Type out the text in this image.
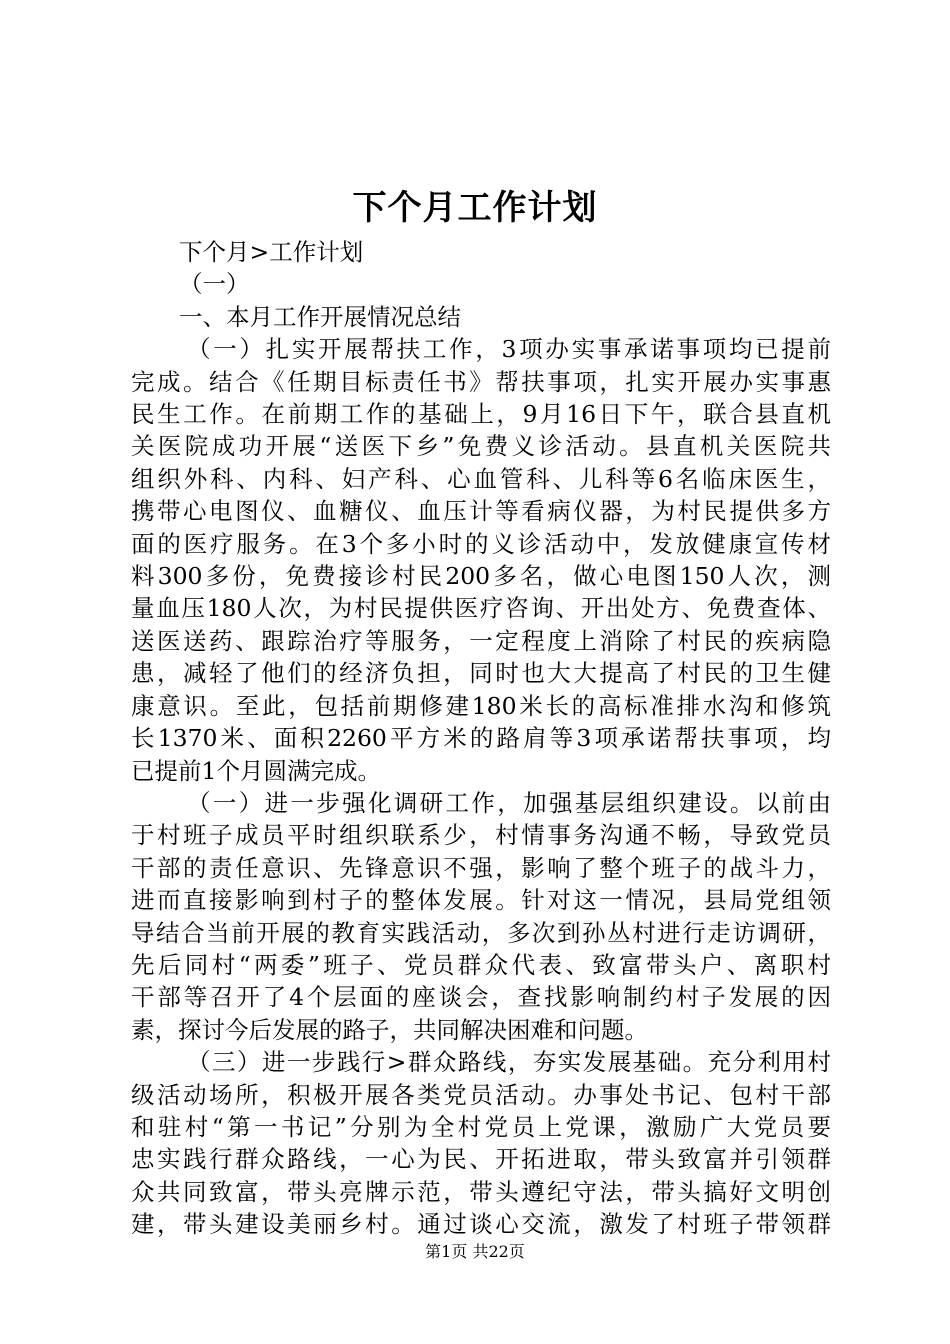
下个月工作计划
下个月>工作计划
（一）
一、本月工作开展情况总结
（一）扎实开展帮扶工作，3项办实事承诺事项均已提前
完成。结合《任期目标责任书》帮扶事项，扎实开展办实事惠
民生工作。在前期工作的基础上，9月16日下午，联合县直机
关医院成功开展“送医下乡”免费义诊活动。县直机关医院共
组织外科、内科、妇产科、心血管科、儿科等6名临床医生，
携带心电图仪、血糖仪、血压计等看病仪器，为村民提供多方
面的医疗服务。在3个多小时的义诊活动中，发放健康宣传材
料300多份，免费接诊村民200多名，做心电图150人次，测
量血压180人次，为村民提供医疗咨询、开出处方、免费查体、
送医送药、跟踪治疗等服务，一定程度上消除了村民的疾病隐
患，减轻了他们的经济负担，同时也大大提高了村民的卫生健
康意识。至此，包括前期修建180米长的高标准排水沟和修筑
长1370米、面积2260平方米的路肩等3项承诺帮扶事项，均
已提前1个月圆满完成。
（一）进一步强化调研工作，加强基层组织建设。以前由
于村班子成员平时组织联系少，村情事务沟通不畅，导致党员
干部的责任意识、先锋意识不强，影响了整个班子的战斗力，
进而直接影响到村子的整体发展。针对这一情况，县局党组领
导结合当前开展的教育实践活动，多次到孙丛村进行走访调研，
先后同村“两委”班子、党员群众代表、致富带头户、离职村
干部等召开了4个层面的座谈会，查找影响制约村子发展的因
素，探讨今后发展的路子，共同解决困难和问题。
（三）进一步践行>群众路线，夯实发展基础。充分利用村
级活动场所，积极开展各类党员活动。办事处书记、包村干部
和驻村“第一书记”分别为全村党员上党课，激励广大党员要
忠实践行群众路线，一心为民、开拓进取，带头致富并引领群
众共同致富，带头亮牌示范，带头遵纪守法，带头搞好文明创
建，带头建设美丽乡村。通过谈心交流，激发了村班子带领群
第1页 共22页
